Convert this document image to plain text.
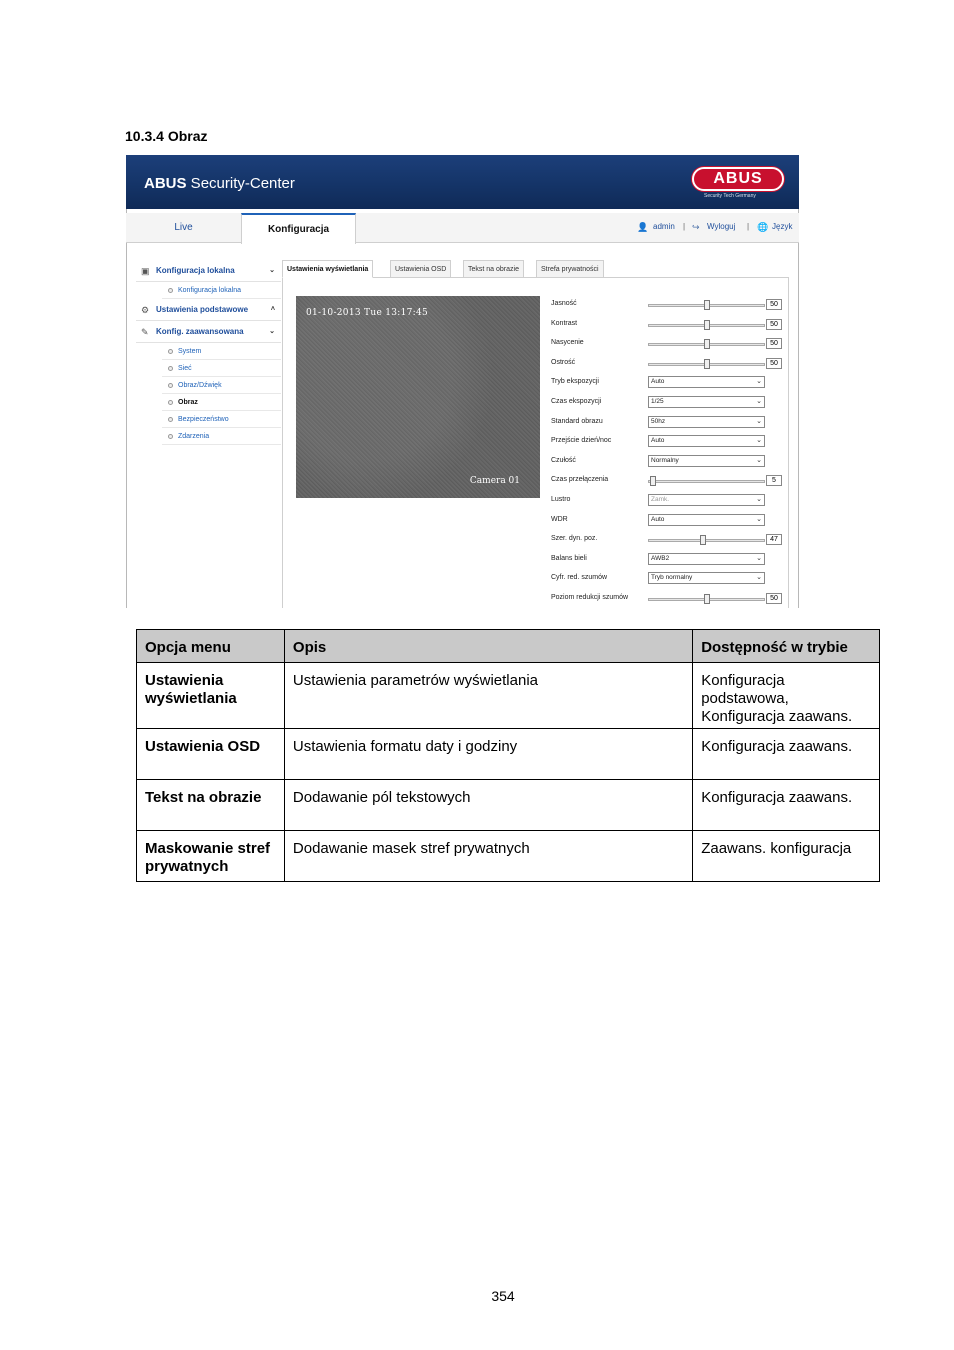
10.3.4 Obraz
ABUS Security-Center	ABUS
Security Tech Germany
Live	Konfiguracja	👤 admin | ↪ Wyloguj | 🌐 Język
▣ Konfiguracja lokalna	⌄
Konfiguracja lokalna
⚙ Ustawienia podstawowe	˄
✎ Konfig. zaawansowana	⌄
System
Sieć
Obraz/Dźwięk
Obraz
Bezpieczeństwo
Zdarzenia
Ustawienia wyświetlania	Ustawienia OSD	Tekst na obrazie	Strefa prywatności
01-10-2013 Tue 13:17:45
Camera 01
Jasność	50
Kontrast	50
Nasycenie	50
Ostrość	50
Tryb ekspozycji	Auto	⌄
Czas ekspozycji	1/25	⌄
Standard obrazu	50hz	⌄
Przejście dzień/noc	Auto	⌄
Czułość	Normalny	⌄
Czas przełączenia	5
Lustro	Zamk.	⌄
WDR	Auto	⌄
Szer. dyn. poz.	47
Balans bieli	AWB2	⌄
Cyfr. red. szumów	Tryb normalny	⌄
Poziom redukcji szumów	50
Opcja menu	Opis	Dostępność w trybie
Ustawienia wyświetlania	Ustawienia parametrów wyświetlania	Konfiguracja podstawowa, Konfiguracja zaawans.
Ustawienia OSD	Ustawienia formatu daty i godziny	Konfiguracja zaawans.
Tekst na obrazie	Dodawanie pól tekstowych	Konfiguracja zaawans.
Maskowanie stref prywatnych	Dodawanie masek stref prywatnych	Zaawans. konfiguracja
354
